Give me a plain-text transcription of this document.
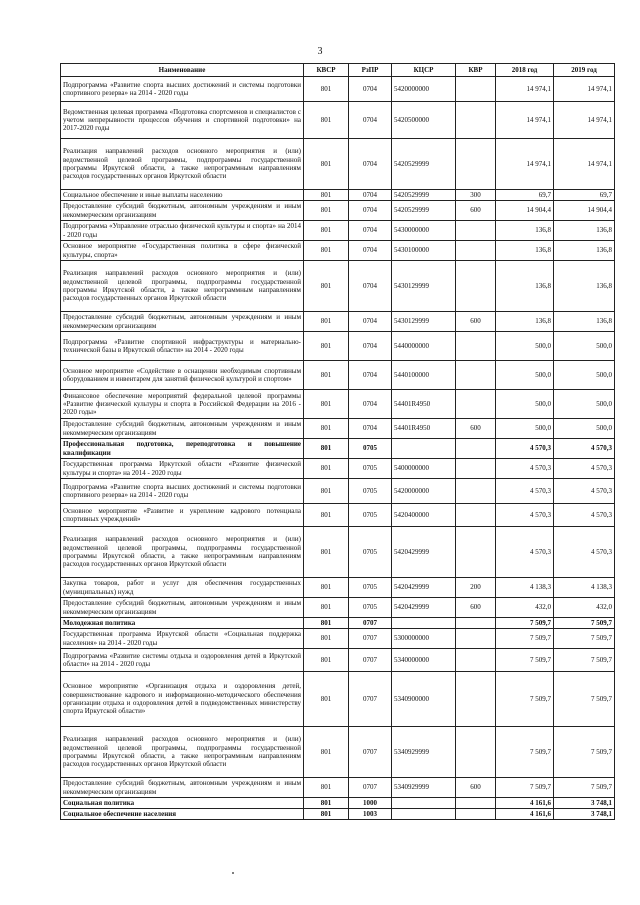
3
Наименование	КВСР	РзПР	КЦСР	КВР	2018 год	2019 год
Подпрограмма «Развитие спорта высших достижений и системы подготовки спортивного резерва» на 2014 - 2020 годы	801	0704	5420000000		14 974,1	14 974,1
Ведомственная целевая программа «Подготовка спортсменов и специалистов с учетом непрерывности процессов обучения и спортивной подготовки» на 2017-2020 годы	801	0704	5420500000		14 974,1	14 974,1
Реализация направлений расходов основного мероприятия и (или) ведомственной целевой программы, подпрограммы государственной программы Иркутской области, а также непрограммным направлениям расходов государственных органов Иркутской области	801	0704	5420529999		14 974,1	14 974,1
Социальное обеспечение и иные выплаты населению	801	0704	5420529999	300	69,7	69,7
Предоставление субсидий бюджетным, автономным учреждениям и иным некоммерческим организациям	801	0704	5420529999	600	14 904,4	14 904,4
Подпрограмма «Управление отраслью физической культуры и спорта» на 2014 - 2020 годы	801	0704	5430000000		136,8	136,8
Основное мероприятие «Государственная политика в сфере физической культуры, спорта»	801	0704	5430100000		136,8	136,8
Реализация направлений расходов основного мероприятия и (или) ведомственной целевой программы, подпрограммы государственной программы Иркутской области, а также непрограммным направлениям расходов государственных органов Иркутской области	801	0704	5430129999		136,8	136,8
Предоставление субсидий бюджетным, автономным учреждениям и иным некоммерческим организациям	801	0704	5430129999	600	136,8	136,8
Подпрограмма «Развитие спортивной инфраструктуры и материально- технической базы в Иркутской области» на 2014 - 2020 годы	801	0704	5440000000		500,0	500,0
Основное мероприятие «Содействие в оснащении необходимым спортивным оборудованием и инвентарем для занятий физической культурой и спортом»	801	0704	5440100000		500,0	500,0
Финансовое обеспечение мероприятий федеральной целевой программы «Развитие физической культуры и спорта в Российской Федерации на 2016 - 2020 годы»	801	0704	54401R4950		500,0	500,0
Предоставление субсидий бюджетным, автономным учреждениям и иным некоммерческим организациям	801	0704	54401R4950	600	500,0	500,0
Профессиональная подготовка, переподготовка и повышение квалификации	801	0705			4 570,3	4 570,3
Государственная программа Иркутской области «Развитие физической культуры и спорта» на 2014 - 2020 годы	801	0705	5400000000		4 570,3	4 570,3
Подпрограмма «Развитие спорта высших достижений и системы подготовки спортивного резерва» на 2014 - 2020 годы	801	0705	5420000000		4 570,3	4 570,3
Основное мероприятие «Развитие и укрепление кадрового потенциала спортивных учреждений»	801	0705	5420400000		4 570,3	4 570,3
Реализация направлений расходов основного мероприятия и (или) ведомственной целевой программы, подпрограммы государственной программы Иркутской области, а также непрограммным направлениям расходов государственных органов Иркутской области	801	0705	5420429999		4 570,3	4 570,3
Закупка товаров, работ и услуг для обеспечения государственных (муниципальных) нужд	801	0705	5420429999	200	4 138,3	4 138,3
Предоставление субсидий бюджетным, автономным учреждениям и иным некоммерческим организациям	801	0705	5420429999	600	432,0	432,0
Молодежная политика	801	0707			7 509,7	7 509,7
Государственная программа Иркутской области «Социальная поддержка населения» на 2014 - 2020 годы	801	0707	5300000000		7 509,7	7 509,7
Подпрограмма «Развитие системы отдыха и оздоровления детей в Иркутской области» на 2014 - 2020 годы	801	0707	5340000000		7 509,7	7 509,7
Основное мероприятие «Организация отдыха и оздоровления детей, совершенствование кадрового и информационно-методического обеспечения организации отдыха и оздоровления детей в подведомственных министерству спорта Иркутской области»	801	0707	5340900000		7 509,7	7 509,7
Реализация направлений расходов основного мероприятия и (или) ведомственной целевой программы, подпрограммы государственной программы Иркутской области, а также непрограммным направлениям расходов государственных органов Иркутской области	801	0707	5340929999		7 509,7	7 509,7
Предоставление субсидий бюджетным, автономным учреждениям и иным некоммерческим организациям	801	0707	5340929999	600	7 509,7	7 509,7
Социальная политика	801	1000			4 161,6	3 748,1
Социальное обеспечение населения	801	1003			4 161,6	3 748,1
